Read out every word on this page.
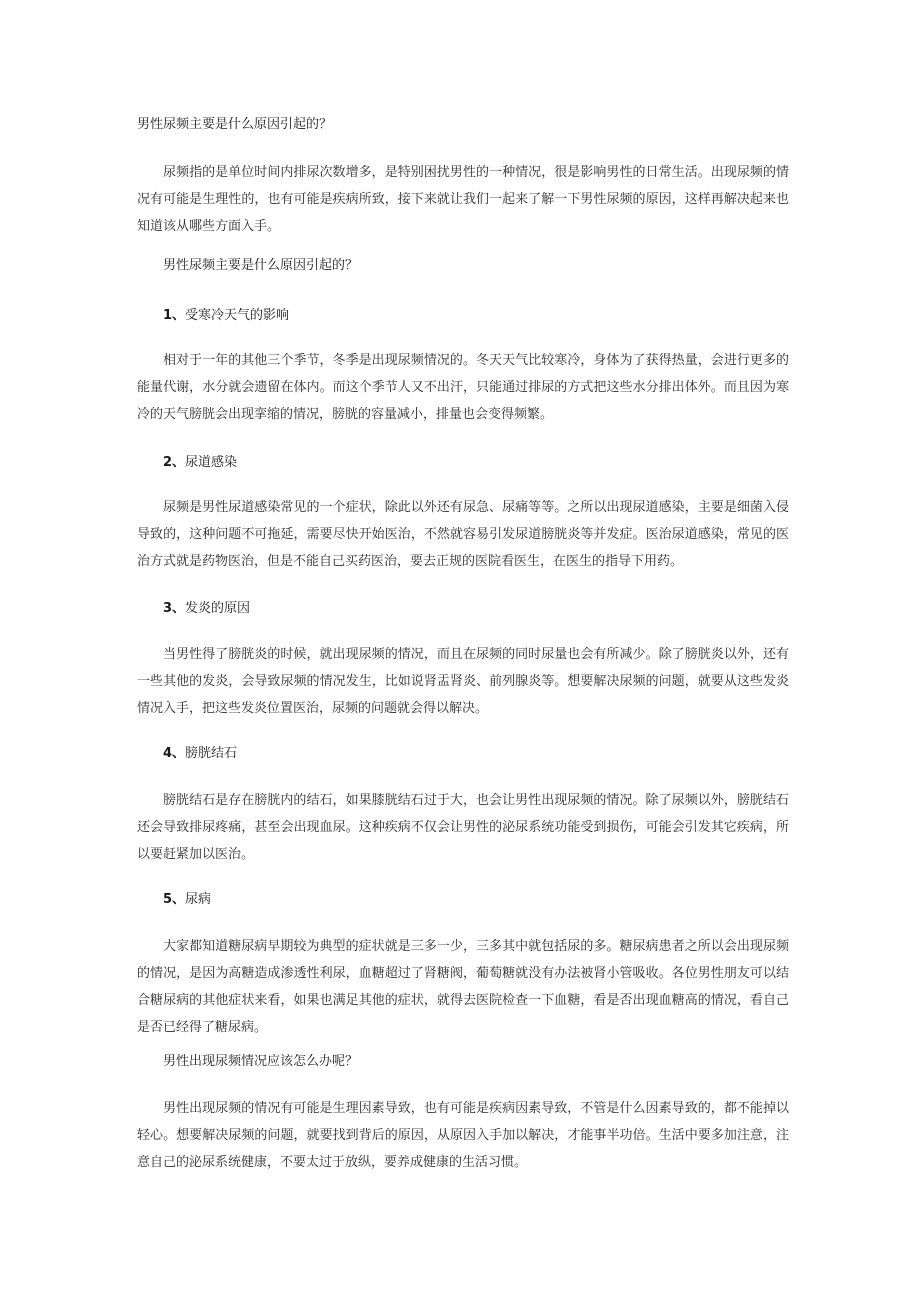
男性尿频主要是什么原因引起的？

尿频指的是单位时间内排尿次数增多，是特别困扰男性的一种情况，很是影响男性的日常生活。出现尿频的情况有可能是生理性的，也有可能是疾病所致，接下来就让我们一起来了解一下男性尿频的原因，这样再解决起来也知道该从哪些方面入手。

男性尿频主要是什么原因引起的？
1、受寒冷天气的影响

相对于一年的其他三个季节，冬季是出现尿频情况的。冬天天气比较寒冷，身体为了获得热量，会进行更多的能量代谢，水分就会遗留在体内。而这个季节人又不出汗，只能通过排尿的方式把这些水分排出体外。而且因为寒冷的天气膀胱会出现挛缩的情况，膀胱的容量减小，排量也会变得频繁。

2、尿道感染

尿频是男性尿道感染常见的一个症状，除此以外还有尿急、尿痛等等。之所以出现尿道感染，主要是细菌入侵导致的，这种问题不可拖延，需要尽快开始医治，不然就容易引发尿道膀胱炎等并发症。医治尿道感染，常见的医治方式就是药物医治，但是不能自己买药医治，要去正规的医院看医生，在医生的指导下用药。

3、发炎的原因

当男性得了膀胱炎的时候，就出现尿频的情况，而且在尿频的同时尿量也会有所减少。除了膀胱炎以外，还有一些其他的发炎，会导致尿频的情况发生，比如说肾盂肾炎、前列腺炎等。想要解决尿频的问题，就要从这些发炎情况入手，把这些发炎位置医治，尿频的问题就会得以解决。

4、膀胱结石

膀胱结石是存在膀胱内的结石，如果膝胱结石过于大，也会让男性出现尿频的情况。除了尿频以外，膀胱结石还会导致排尿疼痛，甚至会出现血尿。这种疾病不仅会让男性的泌尿系统功能受到损伤，可能会引发其它疾病，所以要赶紧加以医治。

5、尿病

大家都知道糖尿病早期较为典型的症状就是三多一少，三多其中就包括尿的多。糖尿病患者之所以会出现尿频的情况，是因为高糖造成渗透性利尿，血糖超过了肾糖阀，葡萄糖就没有办法被肾小管吸收。各位男性朋友可以结合糖尿病的其他症状来看，如果也满足其他的症状，就得去医院检查一下血糖，看是否出现血糖高的情况，看自己是否已经得了糖尿病。

男性出现尿频情况应该怎么办呢？

男性出现尿频的情况有可能是生理因素导致，也有可能是疾病因素导致，不管是什么因素导致的，都不能掉以轻心。想要解决尿频的问题，就要找到背后的原因，从原因入手加以解决，才能事半功倍。生活中要多加注意，注意自己的泌尿系统健康，不要太过于放纵，要养成健康的生活习惯。
